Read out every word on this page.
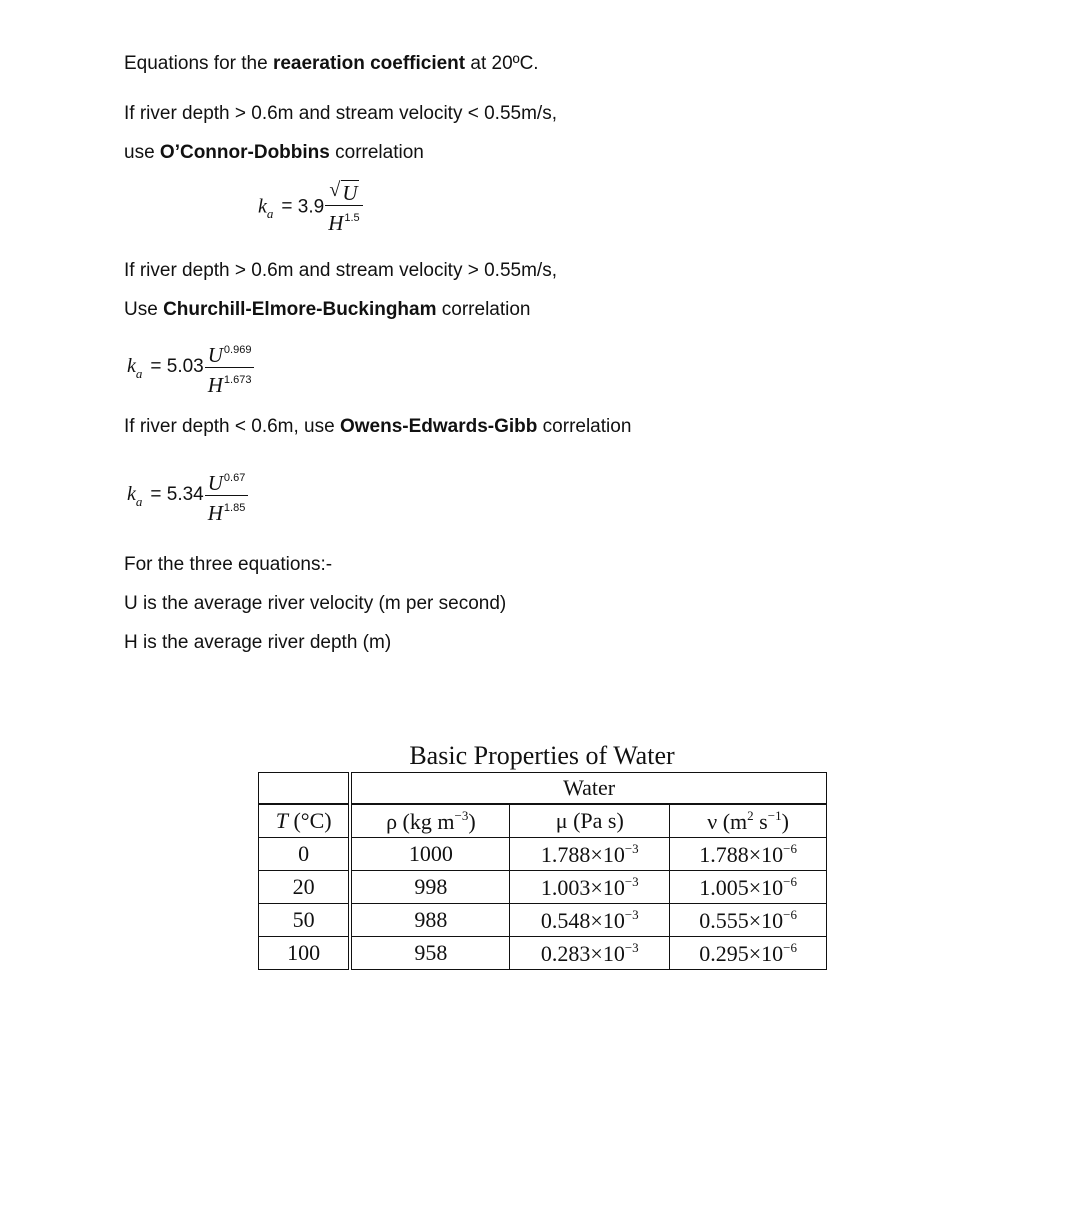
Equations for the reaeration coefficient at 20ºC.

If river depth > 0.6m and stream velocity < 0.55m/s,

use O’Connor-Dobbins correlation

$k_a = 3.9 \frac{√ U}{H^{1.5}}$

If river depth > 0.6m and stream velocity > 0.55m/s,

Use Churchill-Elmore-Buckingham correlation

$k_a = 5.03 \frac{U^{0.969}}{H^{1.673}}$

If river depth < 0.6m, use Owens-Edwards-Gibb correlation

$k_a = 5.34 \frac{U^{0.67}}{H^{1.85}}$

For the three equations:-

U is the average river velocity (m per second)

H is the average river depth (m)

Basic Properties of Water
	Water		
T (°C)	ρ (kg $m^{-3}$)	μ (Pa s)	ν ($m^2$ $s^{-1}$)
0	1000	$1.788\times 10^{-3}$	$1.788\times 10^{-6}$
20	998	$1.003\times 10^{-3}$	$1.005\times 10^{-6}$
50	988	$0.548\times 10^{-3}$	$0.555\times 10^{-6}$
100	958	$0.283\times 10^{-3}$	$0.295\times 10^{-6}$
